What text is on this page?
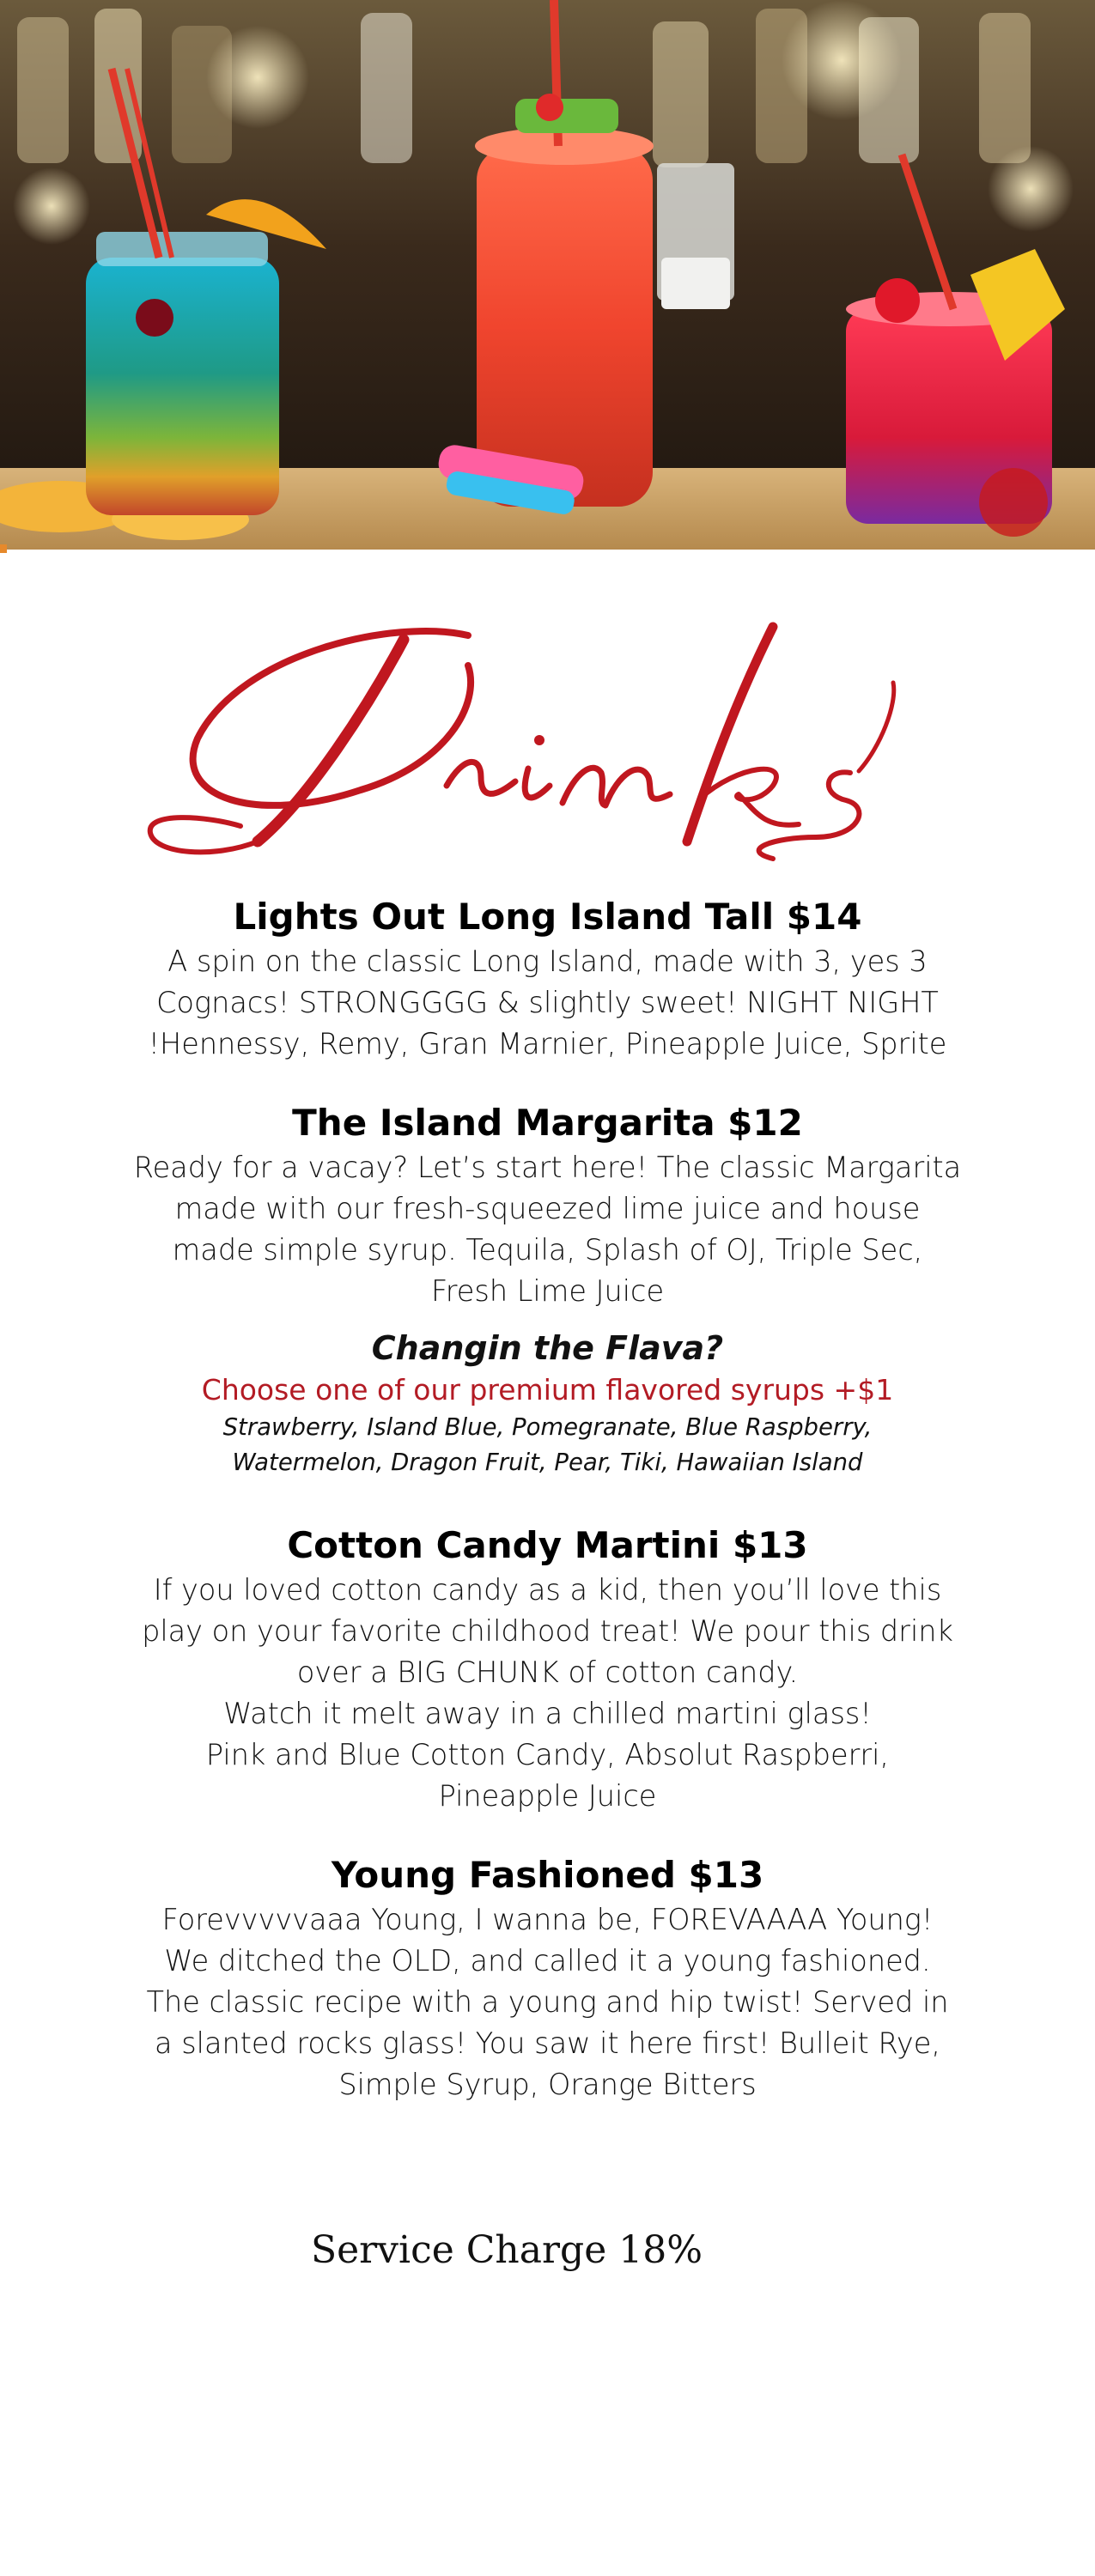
Lights Out Long Island Tall $14
A spin on the classic Long Island, made with 3, yes 3
Cognacs! STRONGGGG & slightly sweet! NIGHT NIGHT
!Hennessy, Remy, Gran Marnier, Pineapple Juice, Sprite
The Island Margarita $12
Ready for a vacay? Let’s start here! The classic Margarita
made with our fresh-squeezed lime juice and house
made simple syrup. Tequila, Splash of OJ, Triple Sec,
Fresh Lime Juice
Changin the Flava?
Choose one of our premium flavored syrups +$1
Strawberry, Island Blue, Pomegranate, Blue Raspberry,
Watermelon, Dragon Fruit, Pear, Tiki, Hawaiian Island
Cotton Candy Martini $13
If you loved cotton candy as a kid, then you’ll love this
play on your favorite childhood treat! We pour this drink
over a BIG CHUNK of cotton candy.
Watch it melt away in a chilled martini glass!
Pink and Blue Cotton Candy, Absolut Raspberri,
Pineapple Juice
Young Fashioned $13
Forevvvvvaaa Young, I wanna be, FOREVAAAA Young!
We ditched the OLD, and called it a young fashioned.
The classic recipe with a young and hip twist! Served in
a slanted rocks glass! You saw it here first! Bulleit Rye,
Simple Syrup, Orange Bitters
Service Charge 18%
